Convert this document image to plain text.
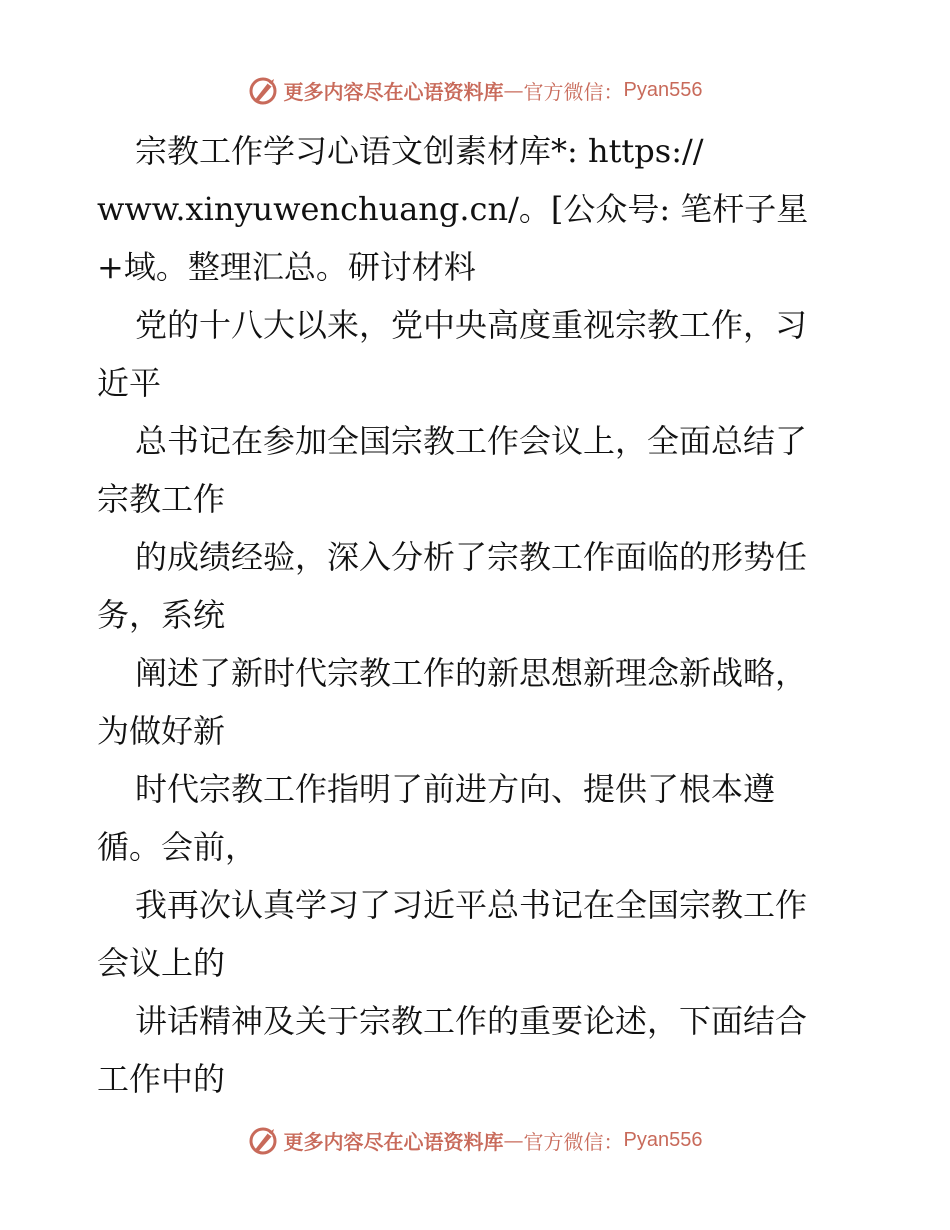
更多内容尽在心语资料库 — 官方微信： Pyan556
宗教工作学习心语文创素材库*: https://
www.xinyuwenchuang.cn/。[公众号: 笔杆子星
+域。整理汇总。研讨材料
党的十八大以来，党中央高度重视宗教工作，习
近平
总书记在参加全国宗教工作会议上，全面总结了
宗教工作
的成绩经验，深入分析了宗教工作面临的形势任
务，系统
阐述了新时代宗教工作的新思想新理念新战略，
为做好新
时代宗教工作指明了前进方向、提供了根本遵
循。会前，
我再次认真学习了习近平总书记在全国宗教工作
会议上的
讲话精神及关于宗教工作的重要论述，下面结合
工作中的
更多内容尽在心语资料库 — 官方微信： Pyan556
